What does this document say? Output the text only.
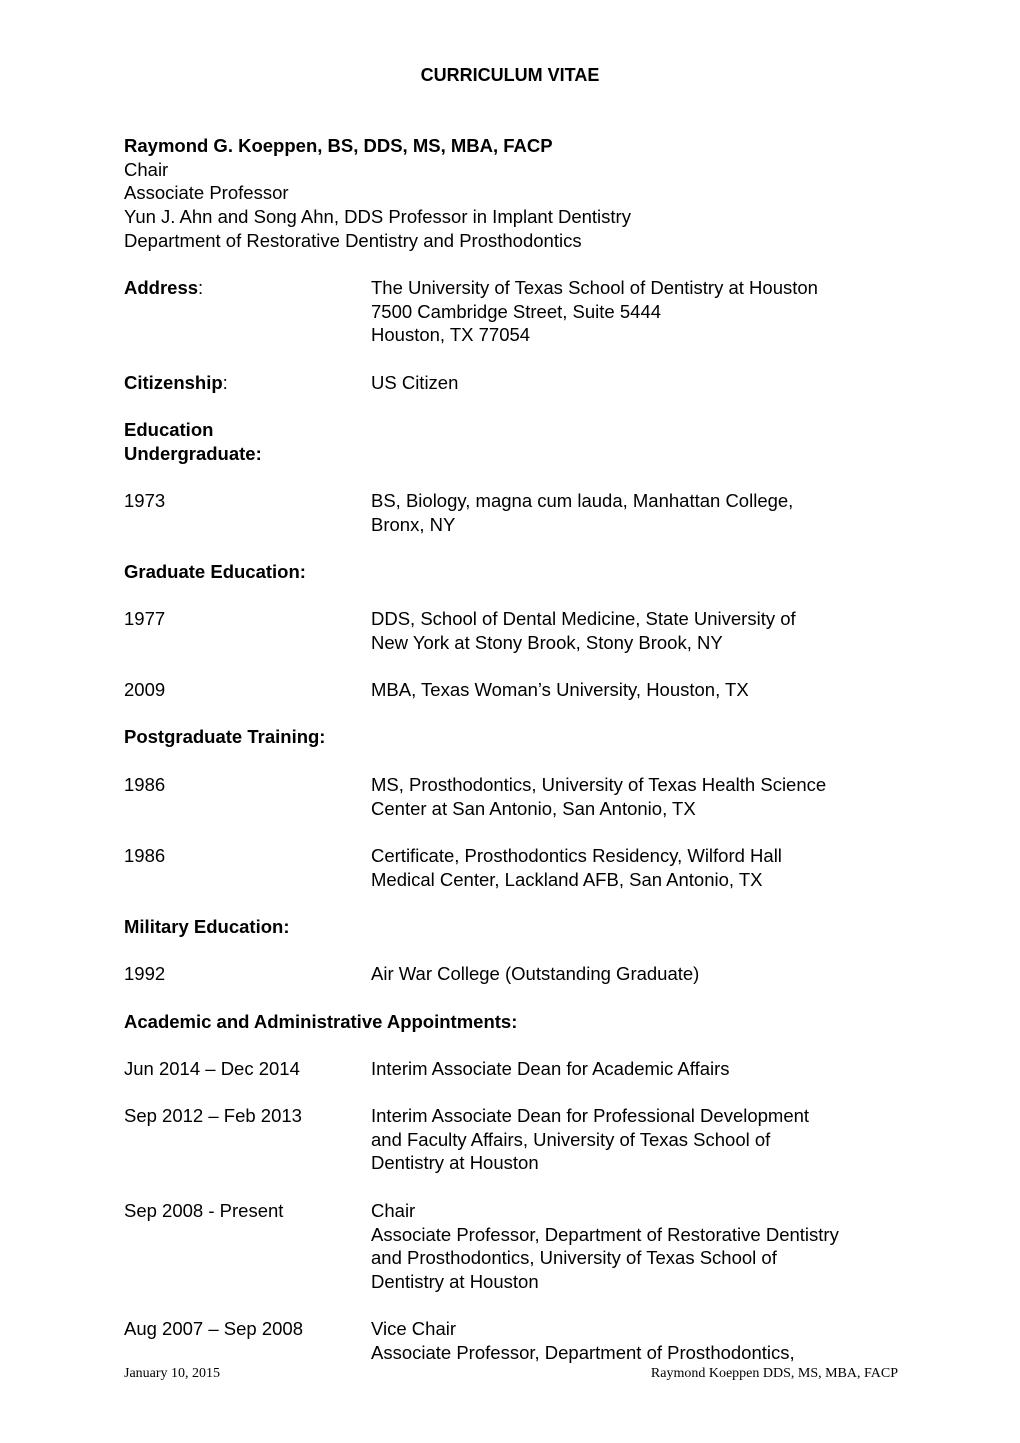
CURRICULUM VITAE
Raymond G. Koeppen, BS, DDS, MS, MBA, FACP
Chair
Associate Professor
Yun J. Ahn and Song Ahn, DDS Professor in Implant Dentistry
Department of Restorative Dentistry and Prosthodontics
Address:	The University of Texas School of Dentistry at Houston
7500 Cambridge Street, Suite 5444
Houston, TX 77054
Citizenship:	US Citizen
Education
Undergraduate:
1973	BS, Biology, magna cum lauda, Manhattan College,
Bronx, NY
Graduate Education:
1977	DDS, School of Dental Medicine, State University of
New York at Stony Brook, Stony Brook, NY
2009	MBA, Texas Woman’s University, Houston, TX
Postgraduate Training:
1986	MS, Prosthodontics, University of Texas Health Science
Center at San Antonio, San Antonio, TX
1986	Certificate, Prosthodontics Residency, Wilford Hall
Medical Center, Lackland AFB, San Antonio, TX
Military Education:
1992	Air War College (Outstanding Graduate)
Academic and Administrative Appointments:
Jun 2014 – Dec 2014	Interim Associate Dean for Academic Affairs
Sep 2012 – Feb 2013	Interim Associate Dean for Professional Development
and Faculty Affairs, University of Texas School of
Dentistry at Houston
Sep 2008 - Present	Chair
Associate Professor, Department of Restorative Dentistry
and Prosthodontics, University of Texas School of
Dentistry at Houston
Aug 2007 – Sep 2008	Vice Chair
Associate Professor, Department of Prosthodontics,
January 10, 2015	Raymond Koeppen DDS, MS, MBA, FACP
